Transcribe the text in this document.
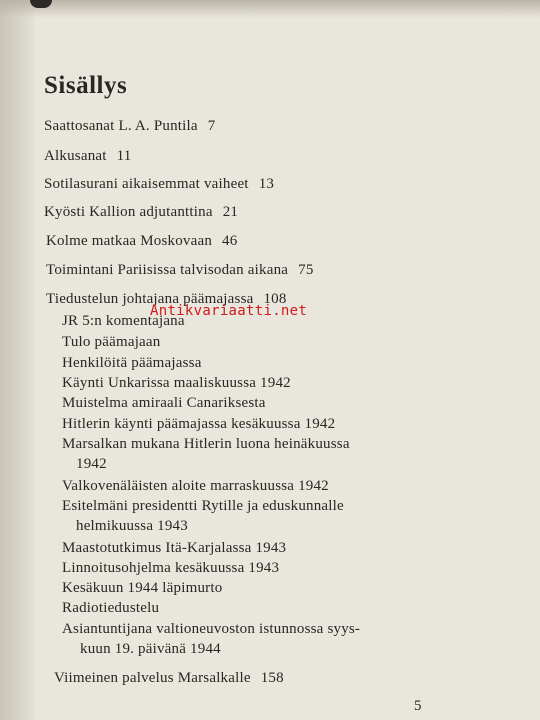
Sisällys
Saattosanat L. A. Puntila 7
Alkusanat 11
Sotilasurani aikaisemmat vaiheet 13
Kyösti Kallion adjutanttina 21
Kolme matkaa Moskovaan 46
Toimintani Pariisissa talvisodan aikana 75
Tiedustelun johtajana päämajassa 108
JR 5:n komentajana
Tulo päämajaan
Henkilöitä päämajassa
Käynti Unkarissa maaliskuussa 1942
Muistelma amiraali Canariksesta
Hitlerin käynti päämajassa kesäkuussa 1942
Marsalkan mukana Hitlerin luona heinäkuussa
1942
Valkovenäläisten aloite marraskuussa 1942
Esitelmäni presidentti Rytille ja eduskunnalle
helmikuussa 1943
Maastotutkimus Itä-Karjalassa 1943
Linnoitusohjelma kesäkuussa 1943
Kesäkuun 1944 läpimurto
Radiotiedustelu
Asiantuntijana valtioneuvoston istunnossa syys-
kuun 19. päivänä 1944
Viimeinen palvelus Marsalkalle 158
5
Antikvariaatti.net
